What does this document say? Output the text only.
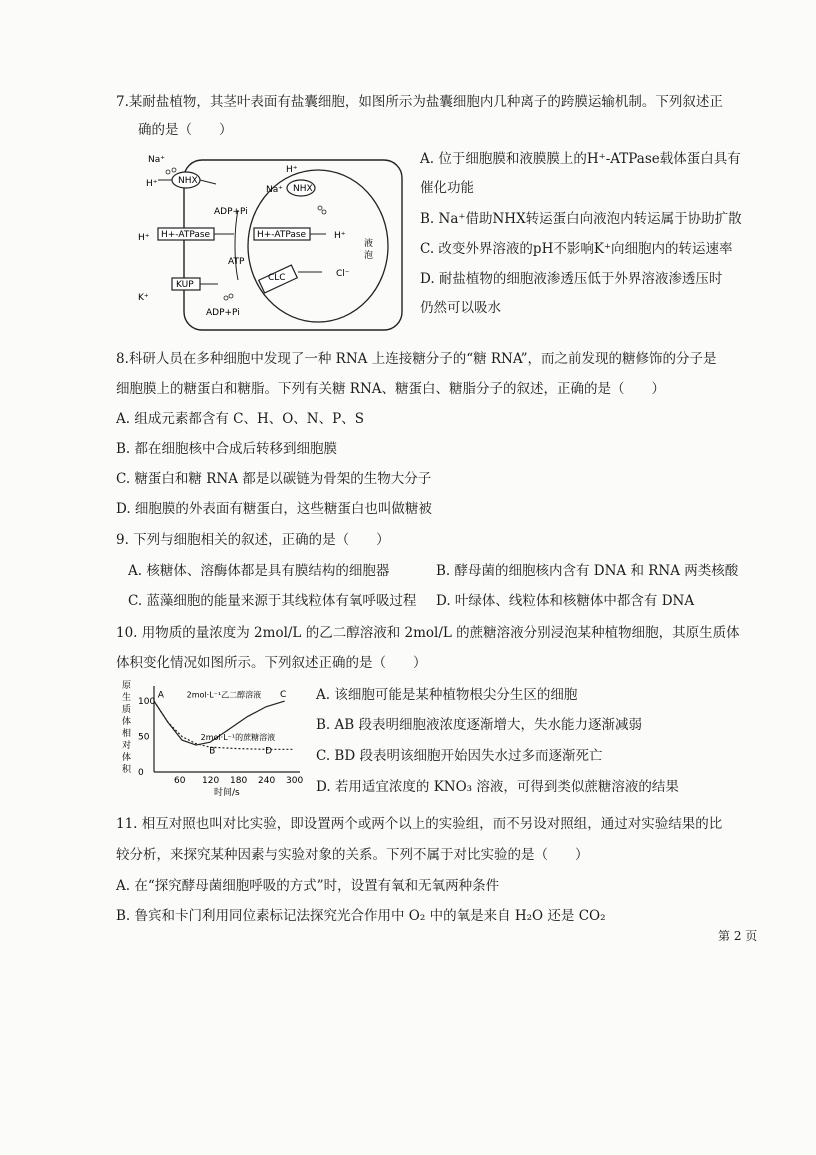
7.某耐盐植物，其茎叶表面有盐囊细胞，如图所示为盐囊细胞内几种离子的跨膜运输机制。下列叙述正
确的是（　　）
Na⁺
H⁺ NHX
Na⁺ NHX
H⁺
ADP+Pi
H+-ATPase	H+-ATPase
H⁺	H⁺
ATP
液
泡
KUP
K⁺
CLC	Cl⁻
ADP+Pi
A. 位于细胞膜和液膜膜上的H⁺-ATPase载体蛋白具有
催化功能
B. Na⁺借助NHX转运蛋白向液泡内转运属于协助扩散
C. 改变外界溶液的pH不影响K⁺向细胞内的转运速率
D. 耐盐植物的细胞液渗透压低于外界溶液渗透压时
仍然可以吸水
8.科研人员在多种细胞中发现了一种 RNA 上连接糖分子的“糖 RNA”，而之前发现的糖修饰的分子是
细胞膜上的糖蛋白和糖脂。下列有关糖 RNA、糖蛋白、糖脂分子的叙述，正确的是（　　）
A. 组成元素都含有 C、H、O、N、P、S
B. 都在细胞核中合成后转移到细胞膜
C. 糖蛋白和糖 RNA 都是以碳链为骨架的生物大分子
D. 细胞膜的外表面有糖蛋白，这些糖蛋白也叫做糖被
9. 下列与细胞相关的叙述，正确的是（　　）
A. 核糖体、溶酶体都是具有膜结构的细胞器	B. 酵母菌的细胞核内含有 DNA 和 RNA 两类核酸
C. 蓝藻细胞的能量来源于其线粒体有氧呼吸过程 D. 叶绿体、线粒体和核糖体中都含有 DNA
10. 用物质的量浓度为 2mol/L 的乙二醇溶液和 2mol/L 的蔗糖溶液分别浸泡某种植物细胞，其原生质体
体积变化情况如图所示。下列叙述正确的是（　　）
原
生
质
体
相
对
体
积 0
50
100
60 120 180 240 300
时间/s
2mol·L⁻¹乙二醇溶液
2mol·L⁻¹的蔗糖溶液
A
B
C
D
A. 该细胞可能是某种植物根尖分生区的细胞
B. AB 段表明细胞液浓度逐渐增大，失水能力逐渐减弱
C. BD 段表明该细胞开始因失水过多而逐渐死亡
D. 若用适宜浓度的 KNO₃ 溶液，可得到类似蔗糖溶液的结果
11. 相互对照也叫对比实验，即设置两个或两个以上的实验组，而不另设对照组，通过对实验结果的比
较分析，来探究某种因素与实验对象的关系。下列不属于对比实验的是（　　）
A. 在“探究酵母菌细胞呼吸的方式”时，设置有氧和无氧两种条件
B. 鲁宾和卡门利用同位素标记法探究光合作用中 O₂ 中的氧是来自 H₂O 还是 CO₂
第 2 页
